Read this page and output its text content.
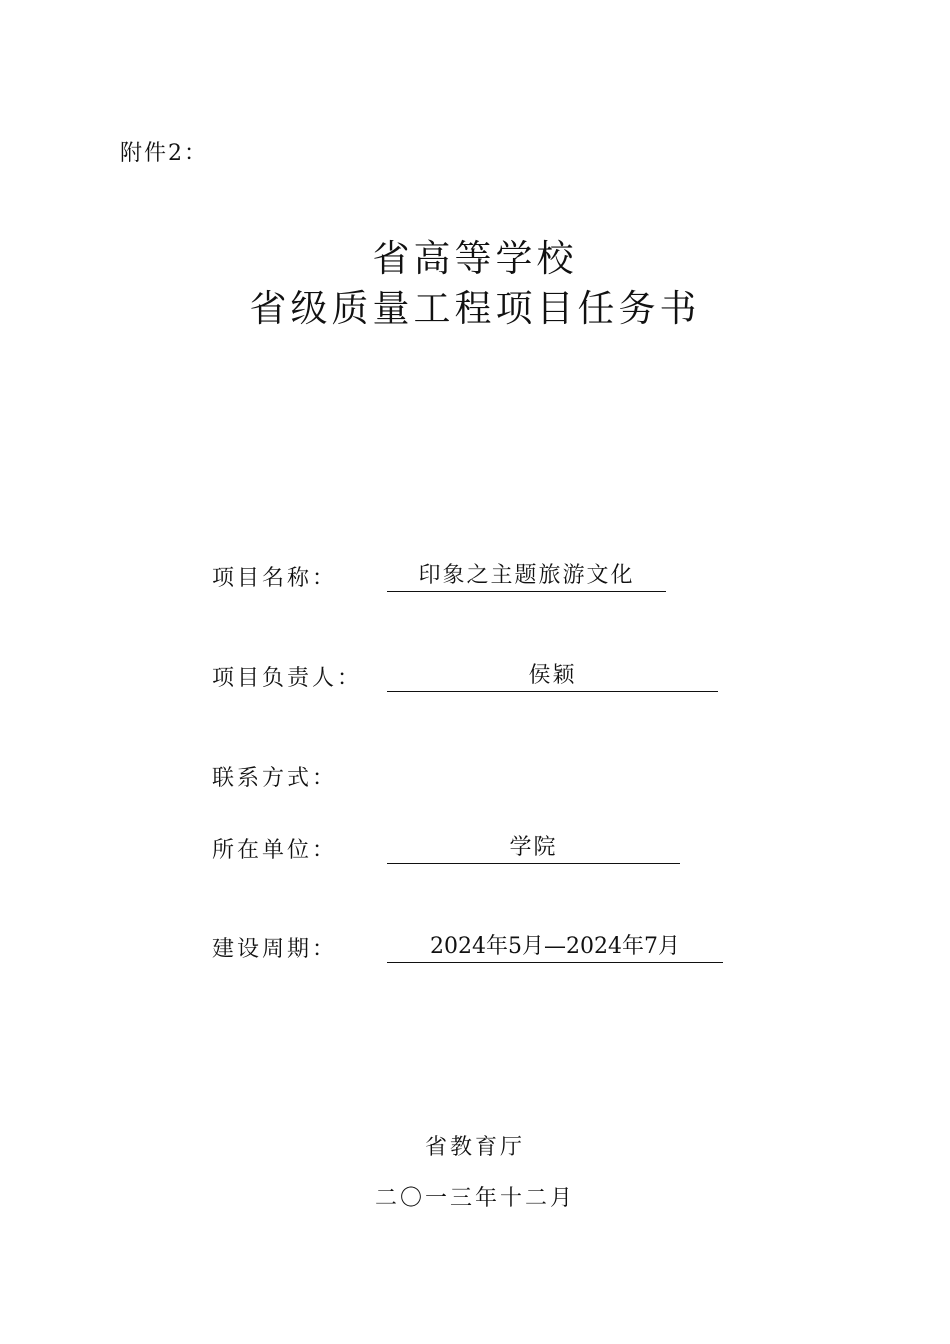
附件2：
省高等学校
省级质量工程项目任务书
项目名称：	印象之主题旅游文化
项目负责人：	侯颖
联系方式：
所在单位：	学院
建设周期：	2024年5月—2024年7月
省教育厅
二〇一三年十二月
